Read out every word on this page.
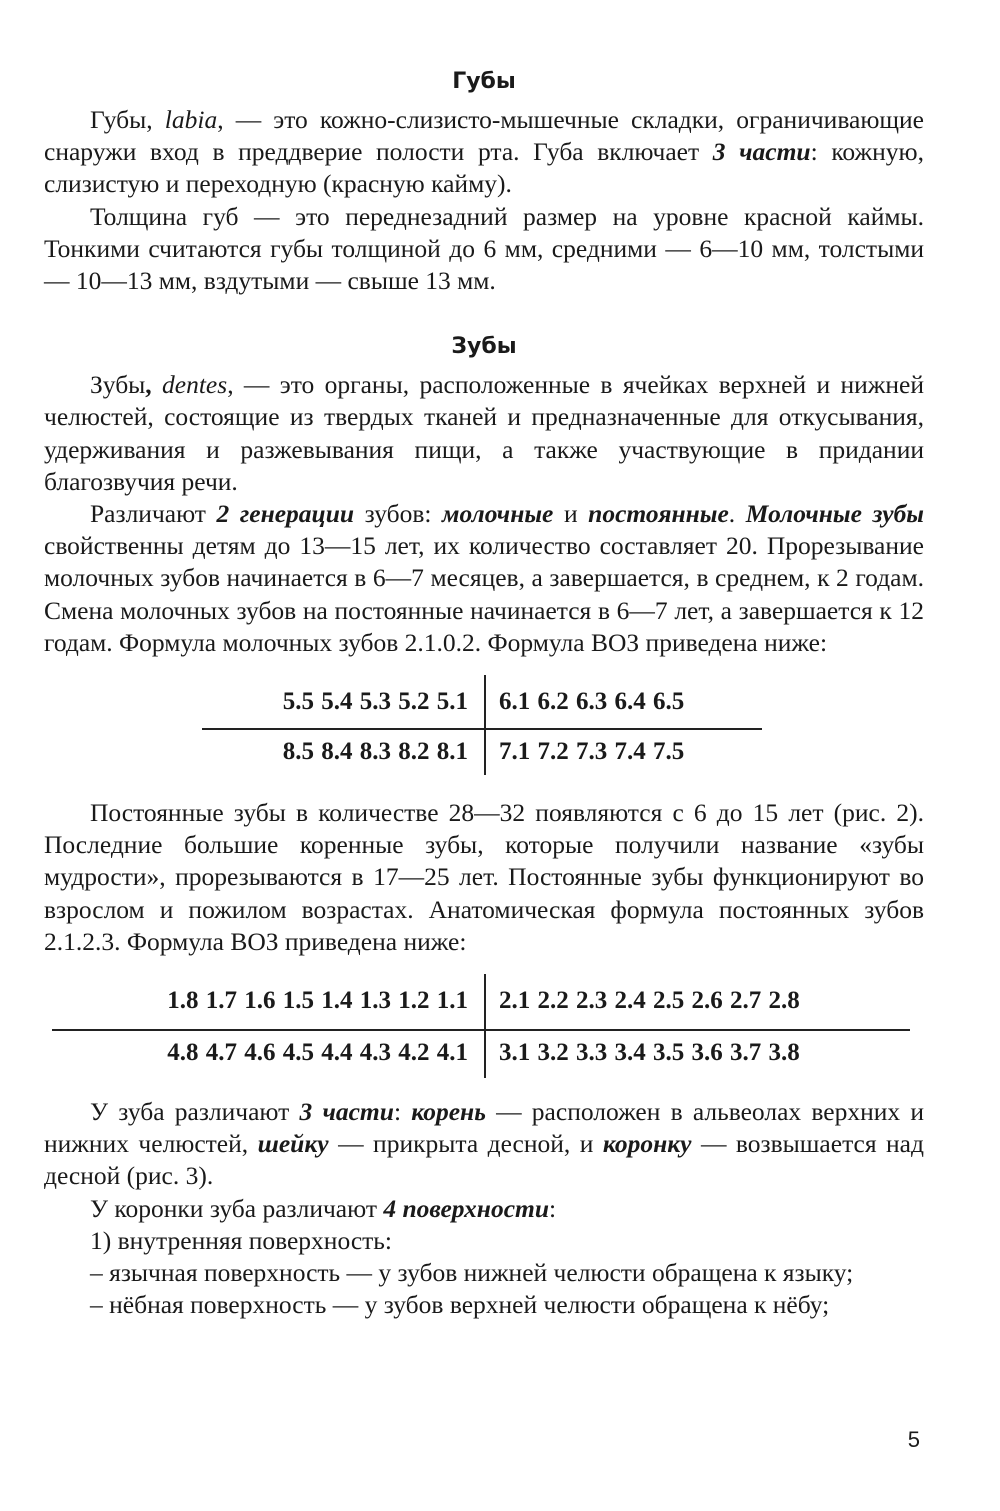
Губы

Губы, labia, — это кожно-слизисто-мышечные складки, ограничивающие снаружи вход в преддверие полости рта. Губа включает 3 части: кожную, слизистую и переходную (красную кайму).

Толщина губ — это переднезадний размер на уровне красной каймы. Тонкими считаются губы толщиной до 6 мм, средними — 6—10 мм, толстыми — 10—13 мм, вздутыми — свыше 13 мм.

Зубы

Зубы, dentes, — это органы, расположенные в ячейках верхней и нижней челюстей, состоящие из твердых тканей и предназначенные для откусывания, удерживания и разжевывания пищи, а также участвующие в придании благозвучия речи.

Различают 2 генерации зубов: молочные и постоянные. Молочные зубы свойственны детям до 13—15 лет, их количество составляет 20. Прорезывание молочных зубов начинается в 6—7 месяцев, а завершается, в среднем, к 2 годам. Смена молочных зубов на постоянные начинается в 6—7 лет, а завершается к 12 годам. Формула молочных зубов 2.1.0.2. Формула ВОЗ приведена ниже:

5.5 5.4 5.3 5.2 5.1 6.1 6.2 6.3 6.4 6.5
8.5 8.4 8.3 8.2 8.1 7.1 7.2 7.3 7.4 7.5

Постоянные зубы в количестве 28—32 появляются с 6 до 15 лет (рис. 2). Последние большие коренные зубы, которые получили название «зубы мудрости», прорезываются в 17—25 лет. Постоянные зубы функционируют во взрослом и пожилом возрастах. Анатомическая формула постоянных зубов 2.1.2.3. Формула ВОЗ приведена ниже:

1.8 1.7 1.6 1.5 1.4 1.3 1.2 1.1 2.1 2.2 2.3 2.4 2.5 2.6 2.7 2.8
4.8 4.7 4.6 4.5 4.4 4.3 4.2 4.1 3.1 3.2 3.3 3.4 3.5 3.6 3.7 3.8

У зуба различают 3 части: корень — расположен в альвеолах верхних и нижних челюстей, шейку — прикрыта десной, и коронку — возвышается над десной (рис. 3).

У коронки зуба различают 4 поверхности:

1) внутренняя поверхность:

– язычная поверхность — у зубов нижней челюсти обращена к языку;

– нёбная поверхность — у зубов верхней челюсти обращена к нёбу;

5
